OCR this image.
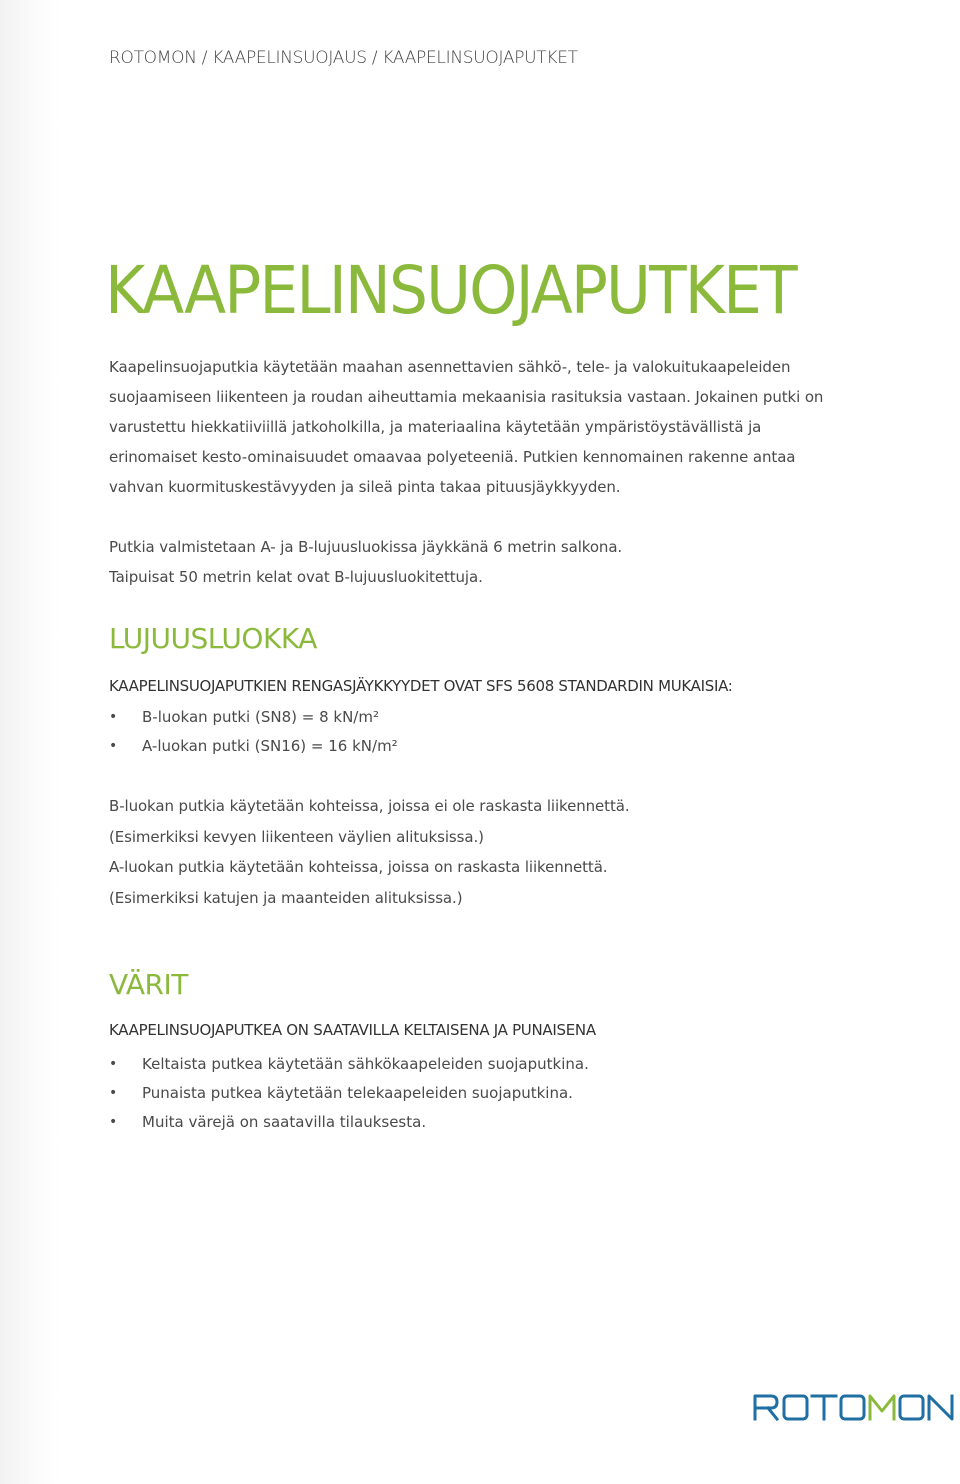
ROTOMON / KAAPELINSUOJAUS / KAAPELINSUOJAPUTKET
KAAPELINSUOJAPUTKET

Kaapelinsuojaputkia käytetään maahan asennettavien sähkö-, tele- ja valokuitukaapeleiden suojaamiseen liikenteen ja roudan aiheuttamia mekaanisia rasituksia vastaan. Jokainen putki on varustettu hiekkatiiviillä jatkoholkilla, ja materiaalina käytetään ympäristöystävällistä ja erinomaiset kesto-ominaisuudet omaavaa polyeteeniä. Putkien kennomainen rakenne antaa vahvan kuormituskestävyyden ja sileä pinta takaa pituusjäykkyyden.

Putkia valmistetaan A- ja B-lujuusluokissa jäykkänä 6 metrin salkona.
Taipuisat 50 metrin kelat ovat B-lujuusluokitettuja.
LUJUUSLUOKKA
KAAPELINSUOJAPUTKIEN RENGASJÄYKKYYDET OVAT SFS 5608 STANDARDIN MUKAISIA:
• B-luokan putki (SN8) = 8 kN/m²
• A-luokan putki (SN16) = 16 kN/m²
B-luokan putkia käytetään kohteissa, joissa ei ole raskasta liikennettä.
(Esimerkiksi kevyen liikenteen väylien alituksissa.)
A-luokan putkia käytetään kohteissa, joissa on raskasta liikennettä.
(Esimerkiksi katujen ja maanteiden alituksissa.)
VÄRIT
KAAPELINSUOJAPUTKEA ON SAATAVILLA KELTAISENA JA PUNAISENA
• Keltaista putkea käytetään sähkökaapeleiden suojaputkina.
• Punaista putkea käytetään telekaapeleiden suojaputkina.
• Muita värejä on saatavilla tilauksesta.
